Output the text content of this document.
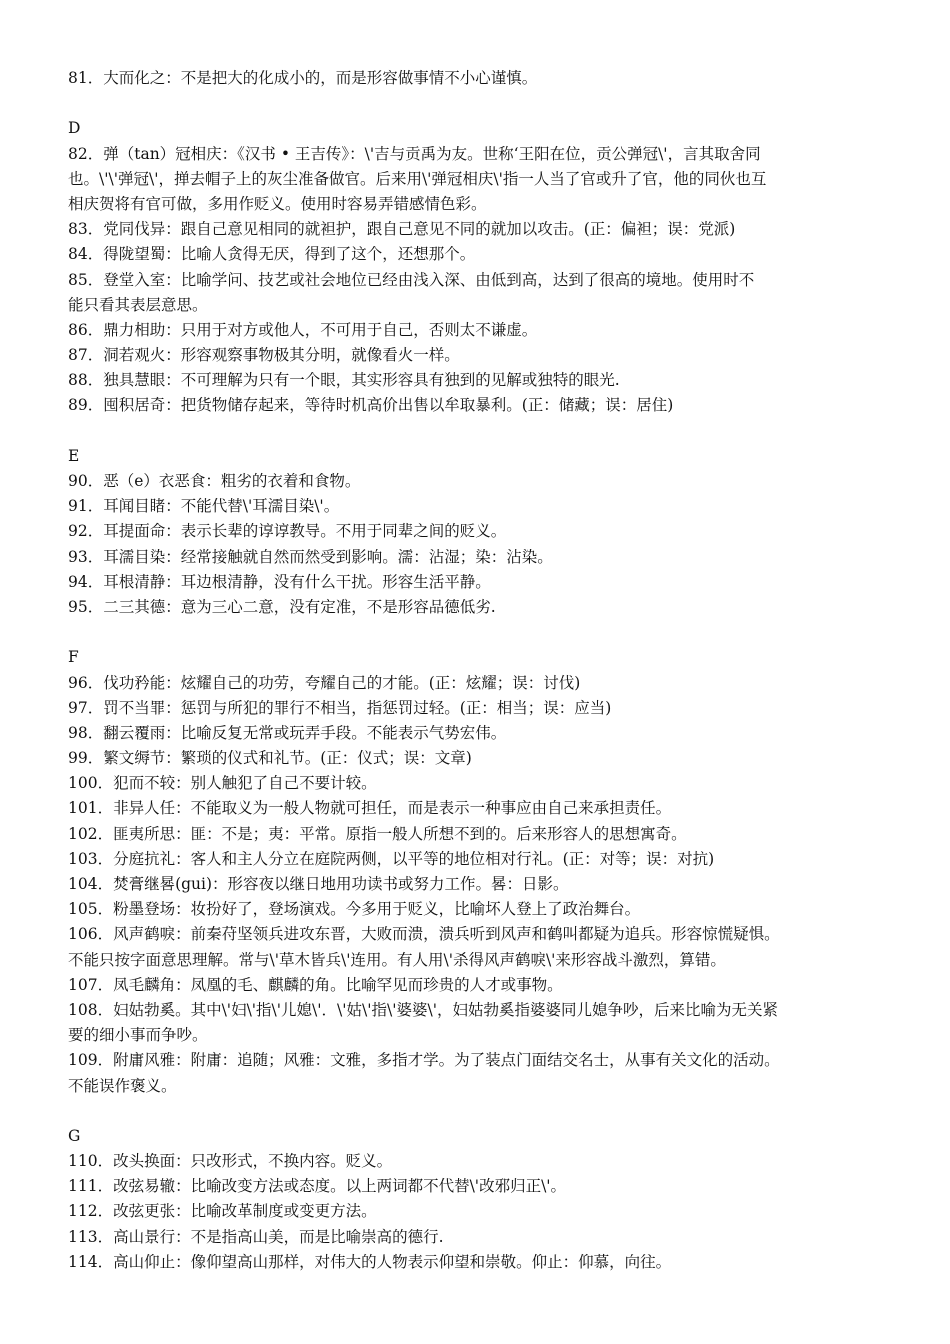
81．大而化之：不是把大的化成小的，而是形容做事情不小心谨慎。
D
82．弹（tan）冠相庆：《汉书 • 王吉传》：\'吉与贡禹为友。世称‘王阳在位，贡公弹冠\'，言其取舍同
也。\'\'弹冠\'，掸去帽子上的灰尘准备做官。后来用\'弹冠相庆\'指一人当了官或升了官，他的同伙也互
相庆贺将有官可做，多用作贬义。使用时容易弄错感情色彩。
83．党同伐异：跟自己意见相同的就袒护，跟自己意见不同的就加以攻击。(正：偏袒；误：党派)
84．得陇望蜀：比喻人贪得无厌，得到了这个，还想那个。
85．登堂入室：比喻学问、技艺或社会地位已经由浅入深、由低到高，达到了很高的境地。使用时不
能只看其表层意思。
86．鼎力相助：只用于对方或他人，不可用于自己，否则太不谦虚。
87．洞若观火：形容观察事物极其分明，就像看火一样。
88．独具慧眼：不可理解为只有一个眼，其实形容具有独到的见解或独特的眼光.
89．囤积居奇：把货物储存起来，等待时机高价出售以牟取暴利。(正：储藏；误：居住)
E
90．恶（e）衣恶食：粗劣的衣着和食物。
91．耳闻目睹：不能代替\'耳濡目染\'。
92．耳提面命：表示长辈的谆谆教导。不用于同辈之间的贬义。
93．耳濡目染：经常接触就自然而然受到影响。濡：沾湿；染：沾染。
94．耳根清静：耳边根清静，没有什么干扰。形容生活平静。
95．二三其德：意为三心二意，没有定准，不是形容品德低劣.
F
96．伐功矜能：炫耀自己的功劳，夸耀自己的才能。(正：炫耀；误：讨伐)
97．罚不当罪：惩罚与所犯的罪行不相当，指惩罚过轻。(正：相当；误：应当)
98．翻云覆雨：比喻反复无常或玩弄手段。不能表示气势宏伟。
99．繁文缛节：繁琐的仪式和礼节。(正：仪式；误：文章)
100．犯而不较：别人触犯了自己不要计较。
101．非异人任：不能取义为一般人物就可担任，而是表示一种事应由自己来承担责任。
102．匪夷所思：匪：不是；夷：平常。原指一般人所想不到的。后来形容人的思想寓奇。
103．分庭抗礼：客人和主人分立在庭院两侧，以平等的地位相对行礼。(正：对等；误：对抗)
104．焚膏继晷(gui)：形容夜以继日地用功读书或努力工作。晷：日影。
105．粉墨登场：妆扮好了，登场演戏。今多用于贬义，比喻坏人登上了政治舞台。
106．风声鹤唳：前秦苻坚领兵进攻东晋，大败而溃，溃兵听到风声和鹤叫都疑为追兵。形容惊慌疑惧。
不能只按字面意思理解。常与\'草木皆兵\'连用。有人用\'杀得风声鹤唳\'来形容战斗激烈，算错。
107．凤毛麟角：凤凰的毛、麒麟的角。比喻罕见而珍贵的人才或事物。
108．妇姑勃奚。其中\'妇\'指\'儿媳\'．\'姑\'指\'婆婆\'，妇姑勃奚指婆婆同儿媳争吵，后来比喻为无关紧
要的细小事而争吵。
109．附庸风雅：附庸：追随；风雅：文雅，多指才学。为了装点门面结交名士，从事有关文化的活动。
不能误作褒义。
G
110．改头换面：只改形式，不换内容。贬义。
111．改弦易辙：比喻改变方法或态度。以上两词都不代替\'改邪归正\'。
112．改弦更张：比喻改革制度或变更方法。
113．高山景行：不是指高山美，而是比喻崇高的德行.
114．高山仰止：像仰望高山那样，对伟大的人物表示仰望和崇敬。仰止：仰慕，向往。
